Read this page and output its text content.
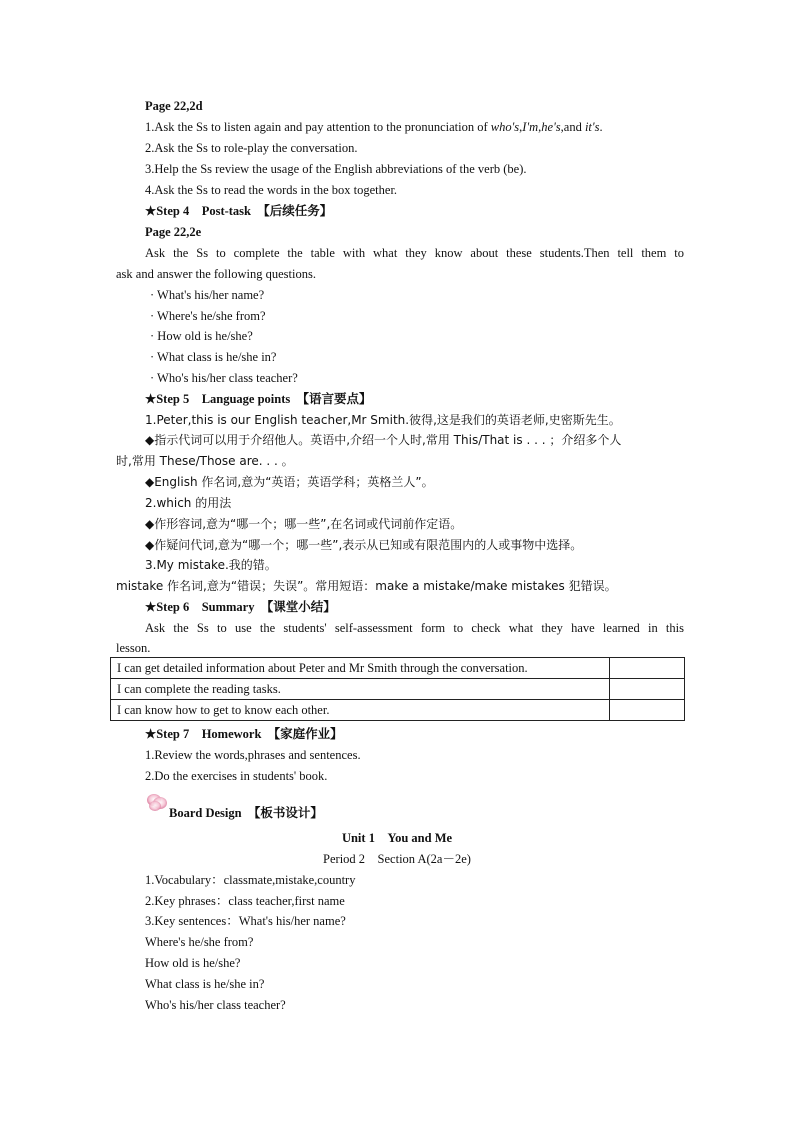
Page 22,2d
1.Ask the Ss to listen again and pay attention to the pronunciation of who's,I'm,he's,and it's.
2.Ask the Ss to role-play the conversation.
3.Help the Ss review the usage of the English abbreviations of the verb (be).
4.Ask the Ss to read the words in the box together.
★Step 4　Post-task　【后续任务】
Page 22,2e
Ask the Ss to complete the table with what they know about these students.Then tell them to
ask and answer the following questions.
· What's his/her name?
· Where's he/she from?
· How old is he/she?
· What class is he/she in?
· Who's his/her class teacher?
★Step 5　Language points　【语言要点】
1.Peter,this is our English teacher,Mr Smith.彼得,这是我们的英语老师,史密斯先生。
◆指示代词可以用于介绍他人。英语中,介绍一个人时,常用 This/That is . . . ；介绍多个人
时,常用 These/Those are. . . 。
◆English 作名词,意为“英语；英语学科；英格兰人”。
2.which 的用法
◆作形容词,意为“哪一个；哪一些”,在名词或代词前作定语。
◆作疑问代词,意为“哪一个；哪一些”,表示从已知或有限范围内的人或事物中选择。
3.My mistake.我的错。
mistake 作名词,意为“错误；失误”。常用短语：make a mistake/make mistakes 犯错误。
★Step 6　Summary　【课堂小结】
Ask the Ss to use the students' self-assessment form to check what they have learned in this
lesson.
I can get detailed information about Peter and Mr Smith through the conversation.	
I can complete the reading tasks.	
I can know how to get to know each other.	
★Step 7　Homework　【家庭作业】
1.Review the words,phrases and sentences.
2.Do the exercises in students' book.
Board Design　【板书设计】
Unit 1　You and Me
Period 2　Section A(2a－2e)
1.Vocabulary：classmate,mistake,country
2.Key phrases：class teacher,first name
3.Key sentences：What's his/her name?
Where's he/she from?
How old is he/she?
What class is he/she in?
Who's his/her class teacher?
